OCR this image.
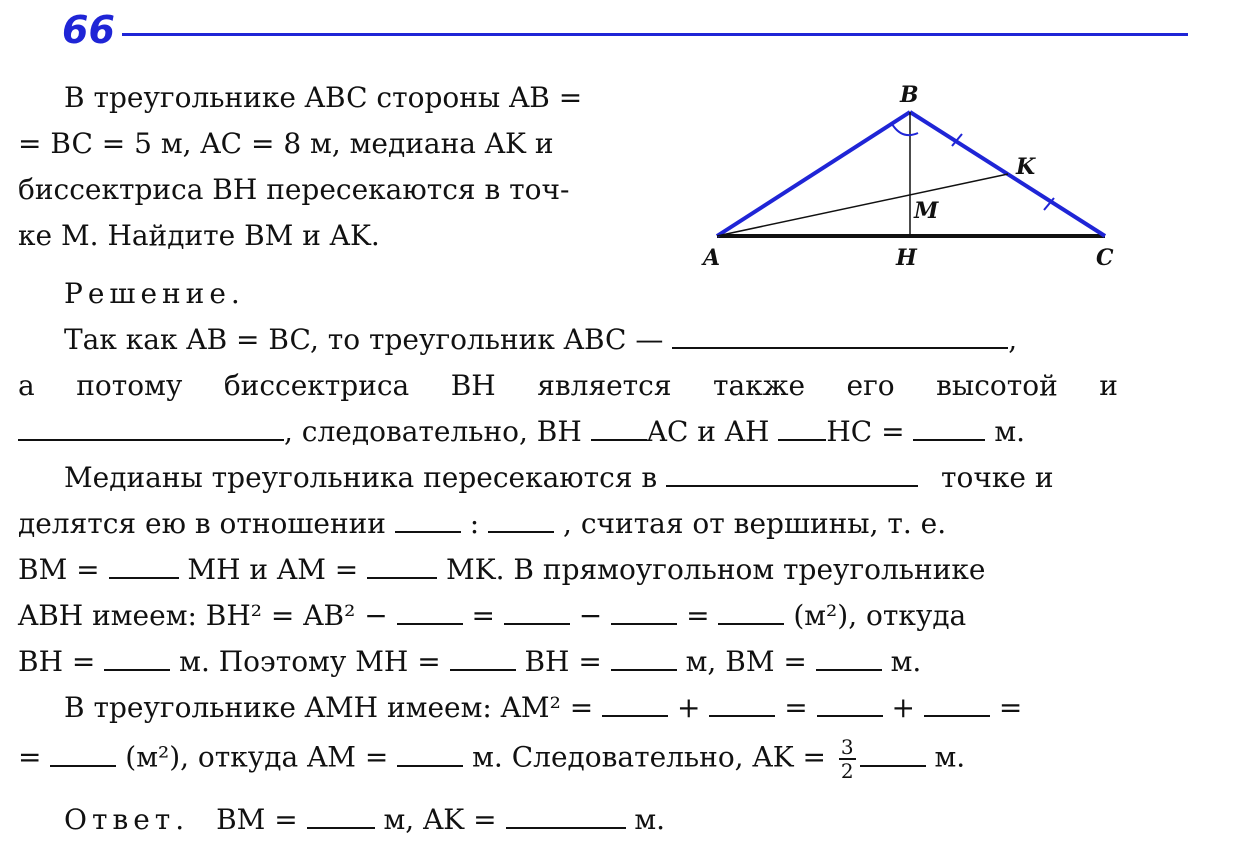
66
В треугольнике ABC стороны AB =
= BC = 5 м, AC = 8 м, медиана AK и
биссектриса BH пересекаются в точ-
ке M. Найдите BM и AK.
A
B
C
H
K
M
Решение.
Так как AB = BC, то треугольник ABC —	,
а потому биссектриса BH является также его высотой и
, следовательно, BH AC и AH HC =	м.
Медианы треугольника пересекаются в	точке и
делятся ею в отношении	:	, считая от вершины, т. е.
BM =	MH и AM =	MK. В прямоугольном треугольнике
ABH имеем: BH² = AB² −	=	−	=	(м²), откуда
BH =	м. Поэтому MH =	BH =	м, BM =	м.
В треугольнике AMH имеем: AM² =	+	=	+	=
=	(м²), откуда AM =	м. Следовательно, AK = $\frac{3}{2}$	м.
Ответ. BM =	м, AK =	м.
